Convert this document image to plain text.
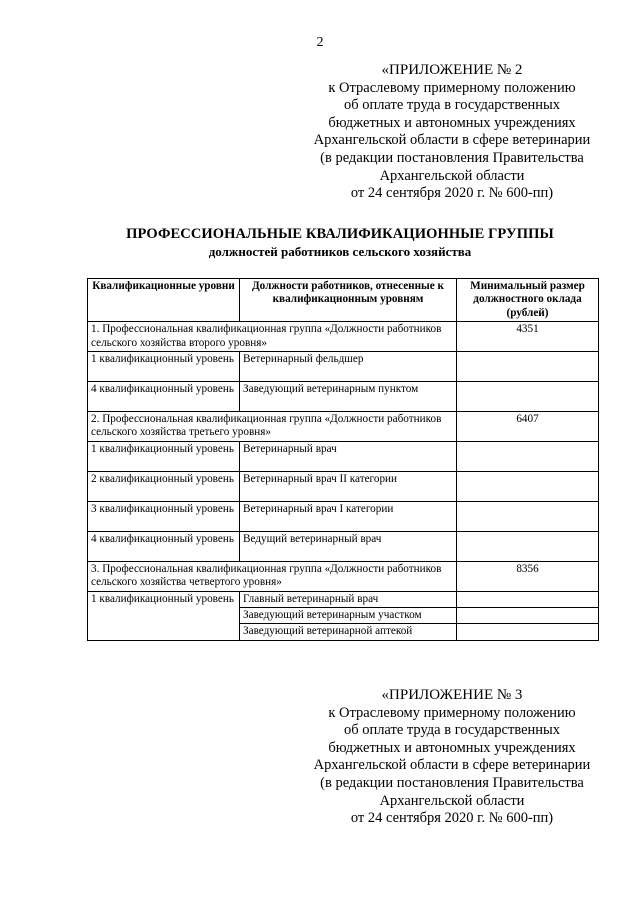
2
«ПРИЛОЖЕНИЕ № 2
к Отраслевому примерному положению
об оплате труда в государственных
бюджетных и автономных учреждениях
Архангельской области в сфере ветеринарии
(в редакции постановления Правительства
Архангельской области
от 24 сентября 2020 г. № 600-пп)
ПРОФЕССИОНАЛЬНЫЕ КВАЛИФИКАЦИОННЫЕ ГРУППЫ
должностей работников сельского хозяйства
Квалификационные уровни	Должности работников, отнесенные к квалификационным уровням	Минимальный размер должностного оклада (рублей)
1. Профессиональная квалификационная группа «Должности работников сельского хозяйства второго уровня»		4351
1 квалификационный уровень	Ветеринарный фельдшер	
4 квалификационный уровень	Заведующий ветеринарным пунктом	
2. Профессиональная квалификационная группа «Должности работников сельского хозяйства третьего уровня»		6407
1 квалификационный уровень	Ветеринарный врач	
2 квалификационный уровень	Ветеринарный врач II категории	
3 квалификационный уровень	Ветеринарный врач I категории	
4 квалификационный уровень	Ведущий ветеринарный врач	
3. Профессиональная квалификационная группа «Должности работников сельского хозяйства четвертого уровня»		8356
1 квалификационный уровень	Главный ветеринарный врач	
	Заведующий ветеринарным участком	
	Заведующий ветеринарной аптекой	
«ПРИЛОЖЕНИЕ № 3
к Отраслевому примерному положению
об оплате труда в государственных
бюджетных и автономных учреждениях
Архангельской области в сфере ветеринарии
(в редакции постановления Правительства
Архангельской области
от 24 сентября 2020 г. № 600-пп)
